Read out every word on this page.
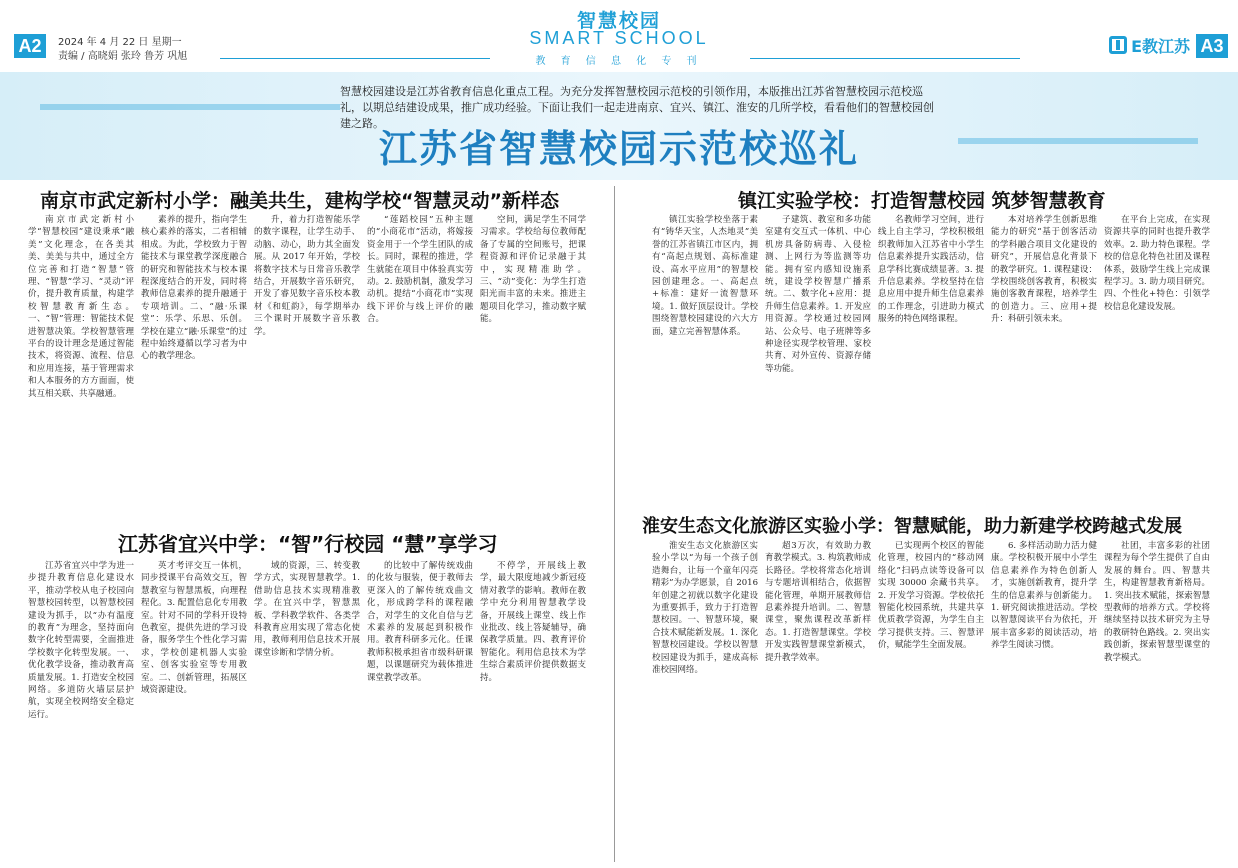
A2	2024 年 4 月 22 日 星期一
责编 / 高晓娟 张玲 鲁芳 巩旭
智慧校园
SMART SCHOOL
教 育 信 息 化 专 刊
E教江苏 A3
智慧校园建设是江苏省教育信息化重点工程。为充分发挥智慧校园示范校的引领作用，本版推出江苏省智慧校园示范校巡礼，以期总结建设成果，推广成功经验。下面让我们一起走进南京、宜兴、镇江、淮安的几所学校，看看他们的智慧校园创建之路。
江苏省智慧校园示范校巡礼
南京市武定新村小学：融美共生，建构学校“智慧灵动”新样态

南京市武定新村小学“智慧校园”建设秉承“融美”文化理念，在各美其美、美美与共中，通过全方位完善和打造“智慧”管理、“智慧”学习、“灵动”评价，提升教育质量，构建学校智慧教育新生态。一、“智”管理：智能技术促进智慧决策。学校智慧管理平台的设计理念是通过智能技术，将资源、流程、信息和应用连接，基于管理需求和人本服务的方方面面，使其互相关联、共享融通。

素养的提升，指向学生核心素养的落实，二者相辅相成。为此，学校致力于智能技术与课堂教学深度融合的研究和智能技术与校本课程深度结合的开发，同时将教师信息素养的提升融通于专项培训。二、“融·乐课堂”：乐学、乐思、乐创。学校在建立“融·乐课堂”的过程中始终遵循以学习者为中心的教学理念。

升，着力打造智能乐学的数字课程，让学生动手、动脑、动心，助力其全面发展。从 2017 年开始，学校将数字技术与日常音乐教学结合，开展数字音乐研究，开发了睿见数字音乐校本教材《和虹韵》，每学期举办三个课时开展数字音乐教学。

“莲蹈校园”五种主题的“小商花市”活动，将嫁接资金用于一个学生团队的成长。同时，课程的推进，学生就能在项目中体验真实劳动。2. 鼓励机制，激发学习动机。提结“小商花市”实现线下评价与线上评价的融合。

空间，满足学生不同学习需求。学校给每位教师配备了专属的空间账号，把课程资源和评价记录融于其中，实现精准助学。三、“动”变化：为学生打造阳光而丰富的未来。推进主题项目化学习，推动数字赋能。

镇江实验学校：打造智慧校园 筑梦智慧教育

镇江实验学校坐落于素有“铸华天宝，人杰地灵”美誉的江苏省镇江市区内，拥有“高起点规划、高标准建设、高水平应用”的智慧校园创建理念。一、高起点+标准：建好一流智慧环境。1. 做好顶层设计。学校围绕智慧校园建设的六大方面，建立完善智慧体系。

子建筑、教室和多功能室建有交互式一体机、中心机房具备防病毒、入侵检测、上网行为等监测等功能。拥有室内感知设施系统，建设学校智慧广播系统。二、数字化+应用：提升师生信息素养。1. 开发应用资源。学校通过校园网站、公众号、电子班牌等多种途径实现学校管理、家校共育、对外宣传、资源存储等功能。

名教师学习空间，进行线上自主学习，学校积极组织教师加入江苏省中小学生信息素养提升实践活动，信息学科比赛成绩显著。3. 提升信息素养。学校坚持在信息应用中提升师生信息素养的工作理念，引进助力模式服务的特色网络课程。

本对培养学生创新思维能力的研究“基于创客活动的学科融合项目文化建设的研究”，开展信息化背景下的教学研究。1. 课程建设：学校围绕创客教育，积极实施创客教育课程，培养学生的创造力。三、应用+提升：科研引领未来。

在平台上完成，在实现资源共享的同时也提升教学效率。2. 助力特色课程。学校的信息化特色社团及课程体系，鼓励学生线上完成课程学习。3. 助力项目研究。四、个性化+特色：引领学校信息化建设发展。

江苏省宜兴中学：“智”行校园 “慧”享学习

江苏省宜兴中学为进一步提升教育信息化建设水平，推动学校从电子校园向智慧校园转型，以智慧校园建设为抓手，以“办有温度的教育”为理念，坚持面向数字化转型需要，全面推进学校数字化转型发展。一、优化教学设备，推动教育高质量发展。1. 打造安全校园网络。多道防火墙层层护航，实现全校网络安全稳定运行。

英才考评交互一体机，同步授课平台高效交互，智慧教室与智慧黑板，向理程程化。3. 配置信息化专用教室。针对不同的学科开设特色教室，提供先进的学习设备，服务学生个性化学习需求，学校创建机器人实验室、创客实验室等专用教室。二、创新管理，拓展区域资源建设。

域的资源，三、转变教学方式，实现智慧教学。1. 借助信息技术实现精准教学。在宜兴中学，智慧黑板、学科教学软件、各类学科教育应用实现了常态化使用，教师利用信息技术开展课堂诊断和学情分析。

的比较中了解传统戏曲的化妆与服装，便于教师去更深入的了解传统戏曲文化，形成跨学科的课程融合，对学生的文化自信与艺术素养的发展起到积极作用。教育科研多元化。任课教师积极承担省市级科研课题，以课题研究为载体推进课堂教学改革。

不停学，开展线上教学，最大限度地减少新冠疫情对教学的影响。教师在教学中充分利用智慧教学设备，开展线上课堂、线上作业批改、线上答疑辅导，确保教学质量。四、教育评价智能化。利用信息技术为学生综合素质评价提供数据支持。

淮安生态文化旅游区实验小学：智慧赋能，助力新建学校跨越式发展

淮安生态文化旅游区实验小学以“为每一个孩子创造舞台，让每一个童年闪亮精彩”为办学愿景，自 2016 年创建之初就以数字化建设为重要抓手，致力于打造智慧校园。一、智慧环境，聚合技术赋能新发展。1. 深化智慧校园建设。学校以智慧校园建设为抓手，建成高标准校园网络。

超3万次，有效助力教育教学模式。3. 构筑教师成长路径。学校将常态化培训与专题培训相结合，依据智能化管理，单期开展教师信息素养提升培训。二、智慧课堂，聚焦课程改革新样态。1. 打造智慧课堂。学校开发实践智慧课堂新模式，提升教学效率。

已实现两个校区的智能化管理，校园内的“移动网络化”扫码点读等设备可以实现 30000 余藏书共享。2. 开发学习资源。学校依托智能化校园系统，共建共享优质教学资源，为学生自主学习提供支持。三、智慧评价，赋能学生全面发展。

6. 多样活动助力活力健康。学校积极开展中小学生信息素养作为特色创新人才，实施创新教育，提升学生的信息素养与创新能力。1. 研究阅读推进活动。学校以智慧阅读平台为依托，开展丰富多彩的阅读活动，培养学生阅读习惯。

社团，丰富多彩的社团课程为每个学生提供了自由发展的舞台。四、智慧共生，构建智慧教育新格局。1. 突出技术赋能，探索智慧型教师的培养方式。学校将继续坚持以技术研究为主导的教研特色路线。2. 突出实践创新，探索智慧型课堂的教学模式。
